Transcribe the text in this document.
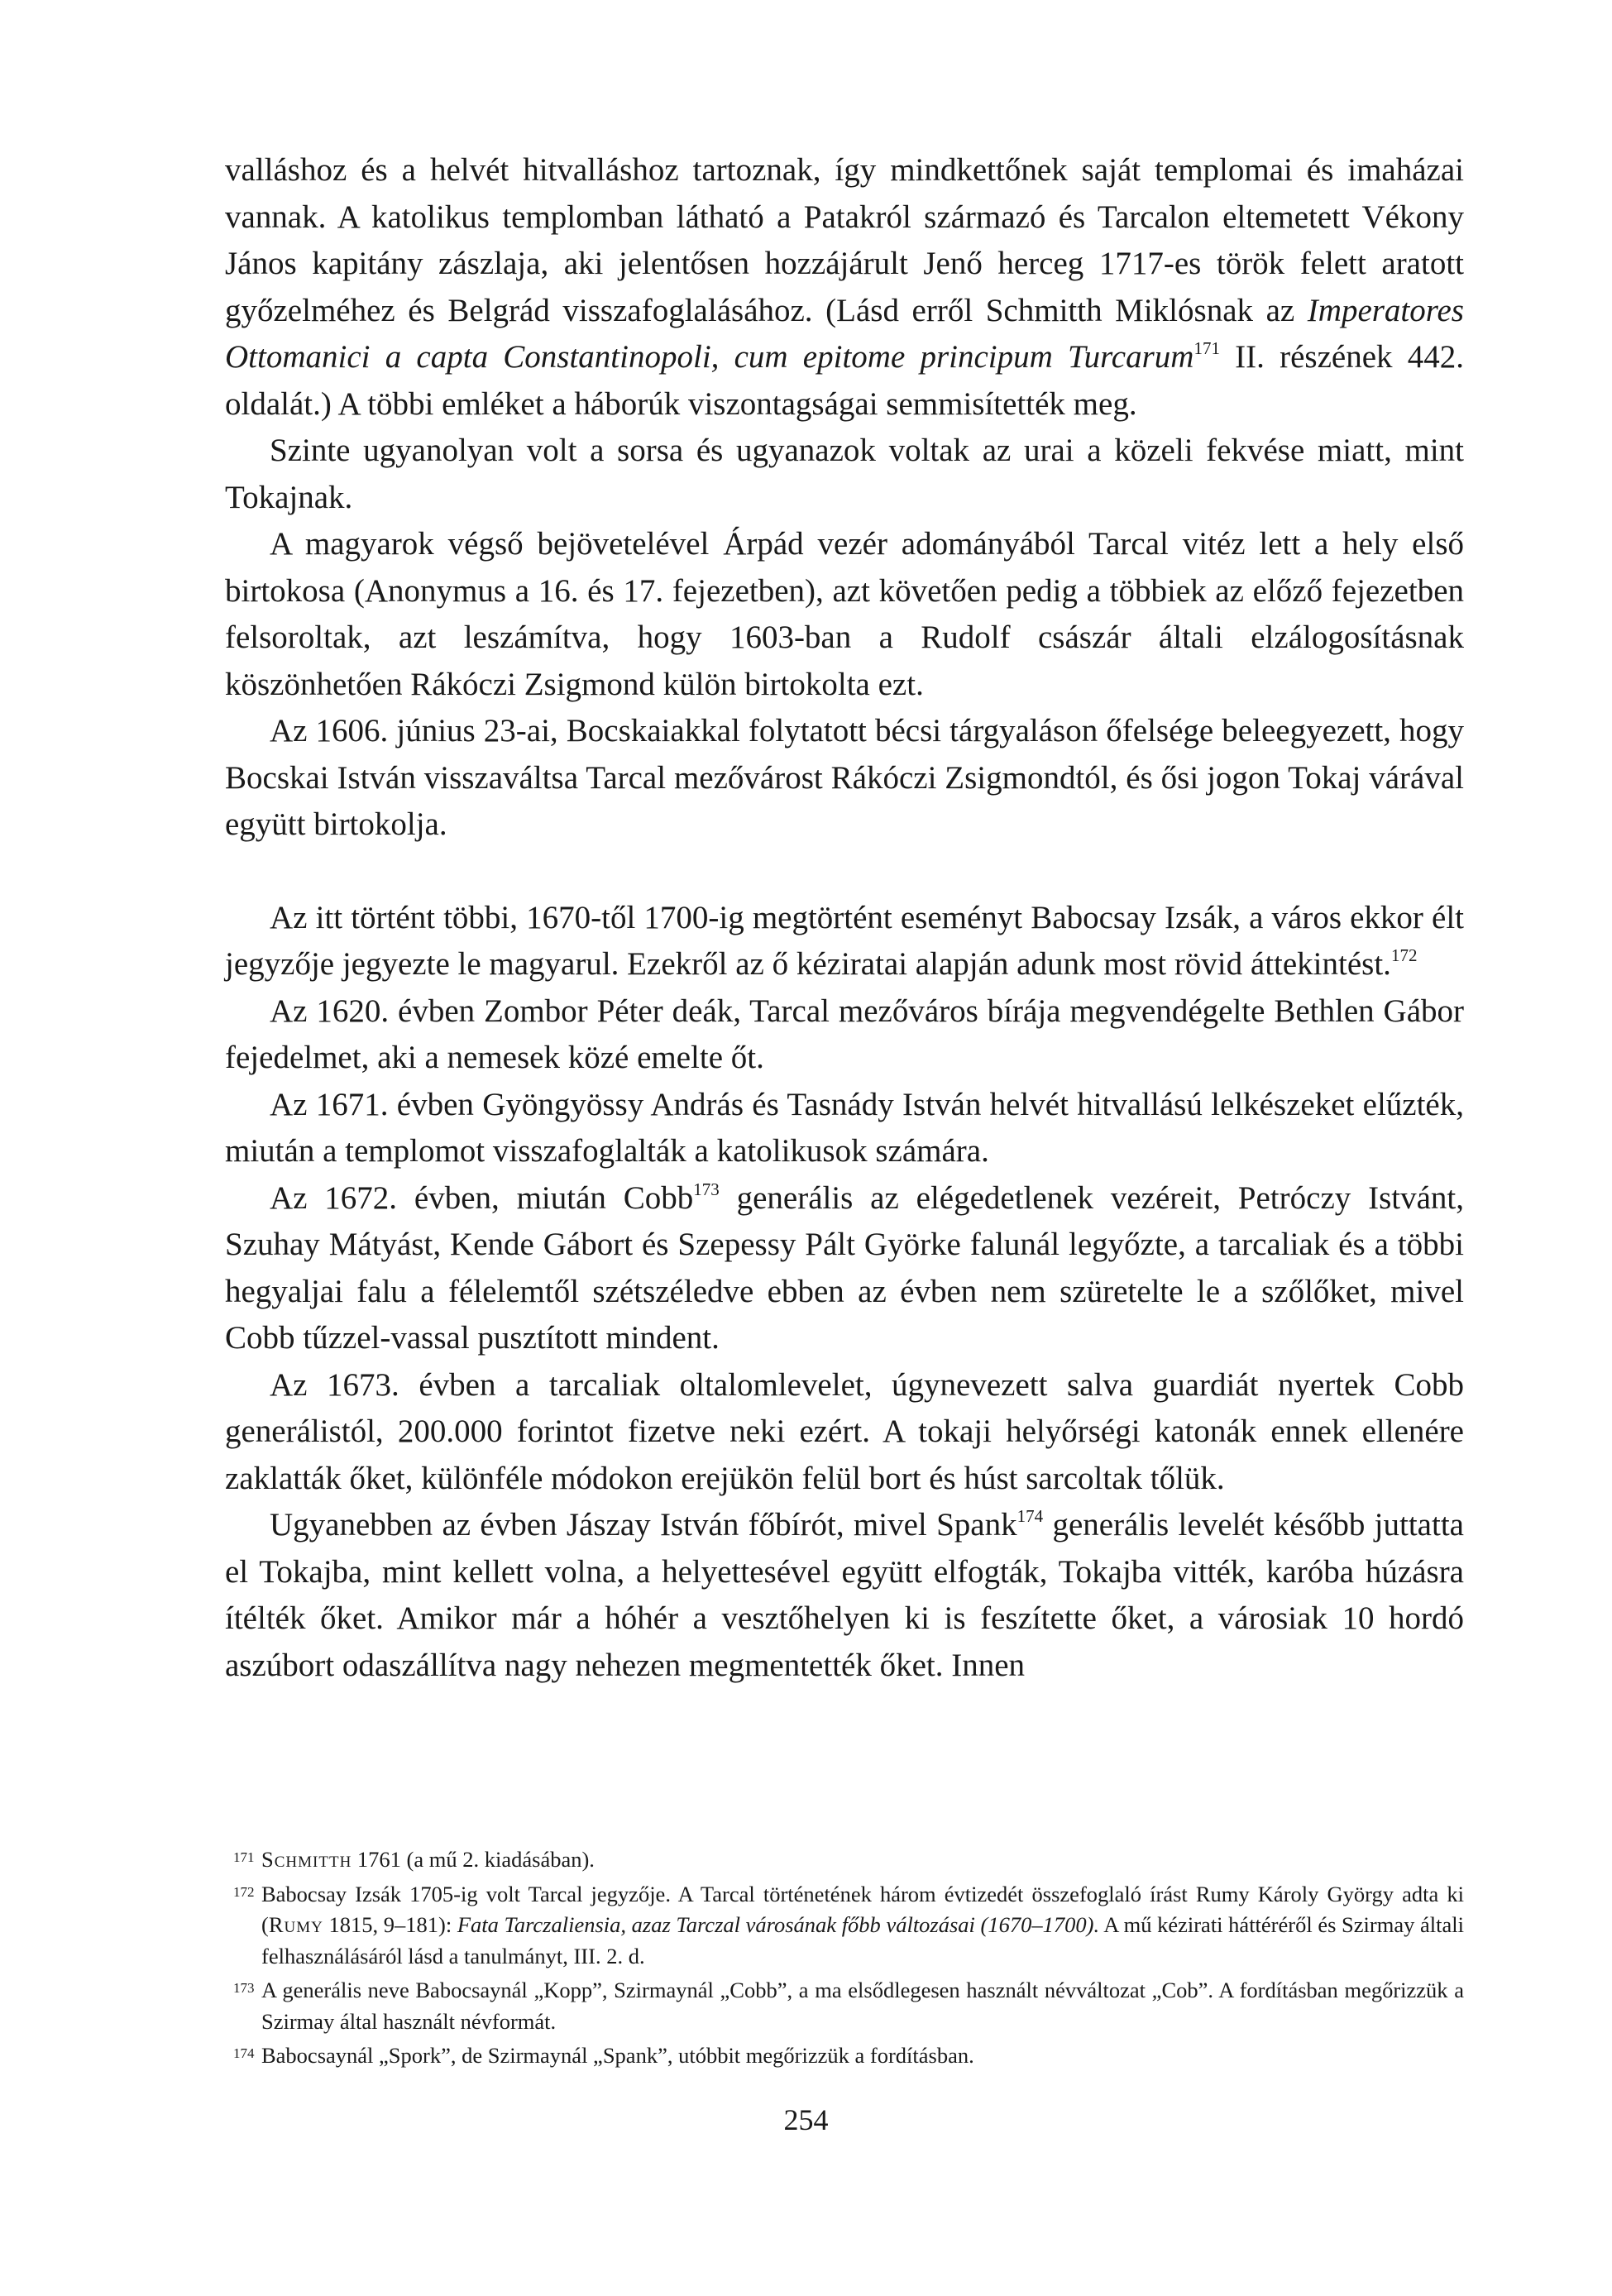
valláshoz és a helvét hitvalláshoz tartoznak, így mindkettőnek saját templomai és imaházai vannak. A katolikus templomban látható a Patakról származó és Tarcalon eltemetett Vékony János kapitány zászlaja, aki jelentősen hozzájárult Jenő herceg 1717-es török felett aratott győzelméhez és Belgrád visszafoglalásához. (Lásd erről Schmitth Miklósnak az Imperatores Ottomanici a capta Constantinopoli, cum epitome principum Turcarum$^{171}$ II. részének 442. oldalát.) A többi emléket a háborúk viszontagságai semmisítették meg.

Szinte ugyanolyan volt a sorsa és ugyanazok voltak az urai a közeli fekvése miatt, mint Tokajnak.

A magyarok végső bejövetelével Árpád vezér adományából Tarcal vitéz lett a hely első birtokosa (Anonymus a 16. és 17. fejezetben), azt követően pedig a többiek az előző fejezetben felsoroltak, azt leszámítva, hogy 1603-ban a Rudolf császár általi elzálogosításnak köszönhetően Rákóczi Zsigmond külön birtokolta ezt.

Az 1606. június 23-ai, Bocskaiakkal folytatott bécsi tárgyaláson őfelsége beleegyezett, hogy Bocskai István visszaváltsa Tarcal mezővárost Rákóczi Zsigmondtól, és ősi jogon Tokaj várával együtt birtokolja.

Az itt történt többi, 1670-től 1700-ig megtörtént eseményt Babocsay Izsák, a város ekkor élt jegyzője jegyezte le magyarul. Ezekről az ő kéziratai alapján adunk most rövid áttekintést.$^{172}$

Az 1620. évben Zombor Péter deák, Tarcal mezőváros bírája megvendégelte Bethlen Gábor fejedelmet, aki a nemesek közé emelte őt.

Az 1671. évben Gyöngyössy András és Tasnády István helvét hitvallású lelkészeket elűzték, miután a templomot visszafoglalták a katolikusok számára.

Az 1672. évben, miután Cobb$^{173}$ generális az elégedetlenek vezéreit, Petróczy Istvánt, Szuhay Mátyást, Kende Gábort és Szepessy Pált Györke falunál legyőzte, a tarcaliak és a többi hegyaljai falu a félelemtől szétszéledve ebben az évben nem szüretelte le a szőlőket, mivel Cobb tűzzel-vassal pusztított mindent.

Az 1673. évben a tarcaliak oltalomlevelet, úgynevezett salva guardiát nyertek Cobb generálistól, 200.000 forintot fizetve neki ezért. A tokaji helyőrségi katonák ennek ellenére zaklatták őket, különféle módokon erejükön felül bort és húst sarcoltak tőlük.

Ugyanebben az évben Jászay István főbírót, mivel Spank$^{174}$ generális levelét később juttatta el Tokajba, mint kellett volna, a helyettesével együtt elfogták, Tokajba vitték, karóba húzásra ítélték őket. Amikor már a hóhér a vesztőhelyen ki is feszítette őket, a városiak 10 hordó aszúbort odaszállítva nagy nehezen megmentették őket. Innen

171 Schmitth 1761 (a mű 2. kiadásában).
172 Babocsay Izsák 1705-ig volt Tarcal jegyzője. A Tarcal történetének három évtizedét összefoglaló írást Rumy Károly György adta ki (Rumy 1815, 9–181): Fata Tarczaliensia, azaz Tarczal városának főbb változásai (1670–1700). A mű kézirati háttéréről és Szirmay általi felhasználásáról lásd a tanulmányt, III. 2. d.
173 A generális neve Babocsaynál „Kopp”, Szirmaynál „Cobb”, a ma elsődlegesen használt névváltozat „Cob”. A fordításban megőrizzük a Szirmay által használt névformát.
174 Babocsaynál „Spork”, de Szirmaynál „Spank”, utóbbit megőrizzük a fordításban.
254
